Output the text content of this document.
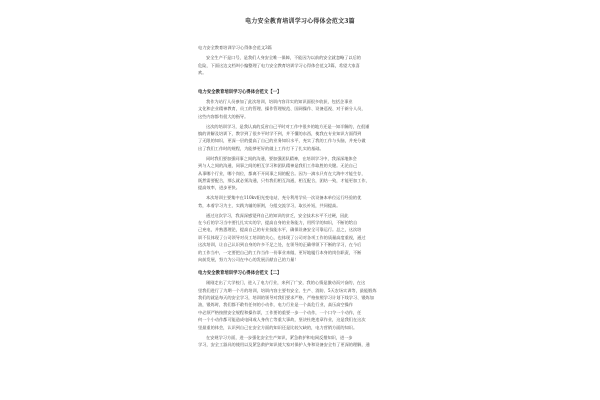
电力安全教育培训学习心得体会范文3篇
电力安全教育培训学习心得体会范文3篇
安全生产不是口号，是我们人身安全唯一保障，不能因为以前的安全就忽略了以后的
危险，下面这边文档叫小编整理了电力安全教育培训学习心得体会范文3篇，希望大家喜
欢。
电力安全教育培训学习心得体会范文【一】
我作为站行人员参加了此次培训，培训内容详实的知识面很多收获，包括企事业
文化和企业精神教育，员工的管理、操作管理规范、国网操作、设备巡视、对于新分人员，
这些内容都有很大的指导。
这次的培训学习，是我认真的反省自己平时对工作中很多的地方还是一知半解的，在很谨
慎的讲解及培训下，教学到了很多平时学不到，并不懂的东西，使我在专业知识方面得到
了无限的知识，更深一层的提高了自己的业务知识水平，充实了我的工作与头脑，并充分做
出了我们工作时的规程，为能够更好的做上工作打下了扎实的基础。
同时我们要加强同事之间的沟通，要加强团队精神，在培训学习中，我深深地体会
到与人之间的沟通，同事之间的相互学习和团队精神是我们工作取胜的关键。无论自己
从事哪个行业，哪个岗位，都离不开同事之间的配合。因为一滴水只有在大海中才能生存，
既然需要配合，那么就必须沟通，只有我们相互沟通，相互配合，团结一致，才能更加工作，
提高效率，进步更快。
本次培训主要集中在110kv阳光变电站，充分利用学员一次设备本单位运行经验的优
势，本着学习为主、实践为辅的原则，分组交流学习，取长补短，共同提高。
通过这次学习，我深深感觉到自己的知识的贫乏，安全技术水平不过硬，因此
在今后的学习当中要扎扎实实的学，提高自身的业务能力，用所学的知识，不断的给自
己充电，并熟悉理论，提高自己的专业技能水平，确保设备安全可靠运行。总之，这次培
训不仅体现了公司领导对员工培训的关心，也体现了公司对各项工作的质量高度重视，通过
这次培训，让自己认识到自身的许多不足之处，在领导的正确带领下不断的学习，在今后
的工作当中，一定要把自己的工作当作一份事业来做，更好地履行本身的岗位职责，不断
向前发展，努力为公司在中心的发展贡献自己的力量！
电力安全教育培训学习心得体会范文【二】
刚刚走出了大学校门，进入了电力行业，来到了广安，我的心情是激动而兴奋的，在这
里我们进行了为期一个月的培训，培训内容主要有安全、生产、消防、5天农场实训等，最能锻炼
我们的就是每天的安全学习，培训的领导对我们要求严格，严格按照学习计划下线学习、锻炼加
油，锻炼时，我们都不敢有任何的小动作，电力行业是一个高危行业，高压高空操作
中必须严格按照安全规程和操作票，工作要的重要一步一个动作，一个口令一个动作，任
何一个小动作都可能造成电网或人身伤亡等重大事故，坚决杜绝违章作业，这是我们在这次
里最重的体会，认识到自己在安全方面的知识还是比较欠缺的，电力营销方面的知识。
在安规学习方面，进一步强化安全生产知识，紧急救护和电网反措知识，进一步
学习，安全工器具的使用以及紧急救护知识使大家对保护人身和设备安全有了更深的理解，通
